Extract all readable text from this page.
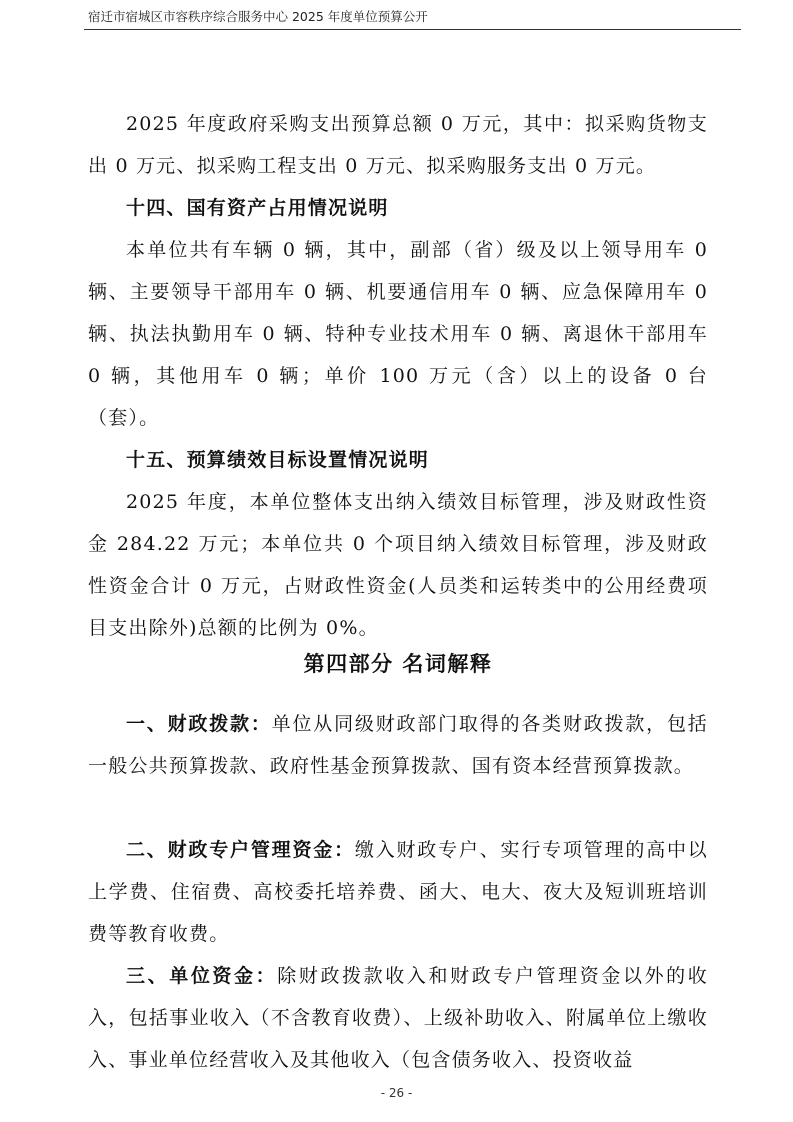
宿迁市宿城区市容秩序综合服务中心 2025 年度单位预算公开

2025 年度政府采购支出预算总额 0 万元，其中：拟采购货物支出 0 万元、拟采购工程支出 0 万元、拟采购服务支出 0 万元。

十四、国有资产占用情况说明

本单位共有车辆 0 辆，其中，副部（省）级及以上领导用车 0 辆、主要领导干部用车 0 辆、机要通信用车 0 辆、应急保障用车 0 辆、执法执勤用车 0 辆、特种专业技术用车 0 辆、离退休干部用车 0 辆，其他用车 0 辆；单价 100 万元（含）以上的设备 0 台（套）。

十五、预算绩效目标设置情况说明

2025 年度，本单位整体支出纳入绩效目标管理，涉及财政性资金 284.22 万元；本单位共 0 个项目纳入绩效目标管理，涉及财政性资金合计 0 万元，占财政性资金(人员类和运转类中的公用经费项目支出除外)总额的比例为 0%。

第四部分 名词解释

一、财政拨款：单位从同级财政部门取得的各类财政拨款，包括一般公共预算拨款、政府性基金预算拨款、国有资本经营预算拨款。

二、财政专户管理资金：缴入财政专户、实行专项管理的高中以上学费、住宿费、高校委托培养费、函大、电大、夜大及短训班培训费等教育收费。

三、单位资金：除财政拨款收入和财政专户管理资金以外的收入，包括事业收入（不含教育收费）、上级补助收入、附属单位上缴收入、事业单位经营收入及其他收入（包含债务收入、投资收益

- 26 -
